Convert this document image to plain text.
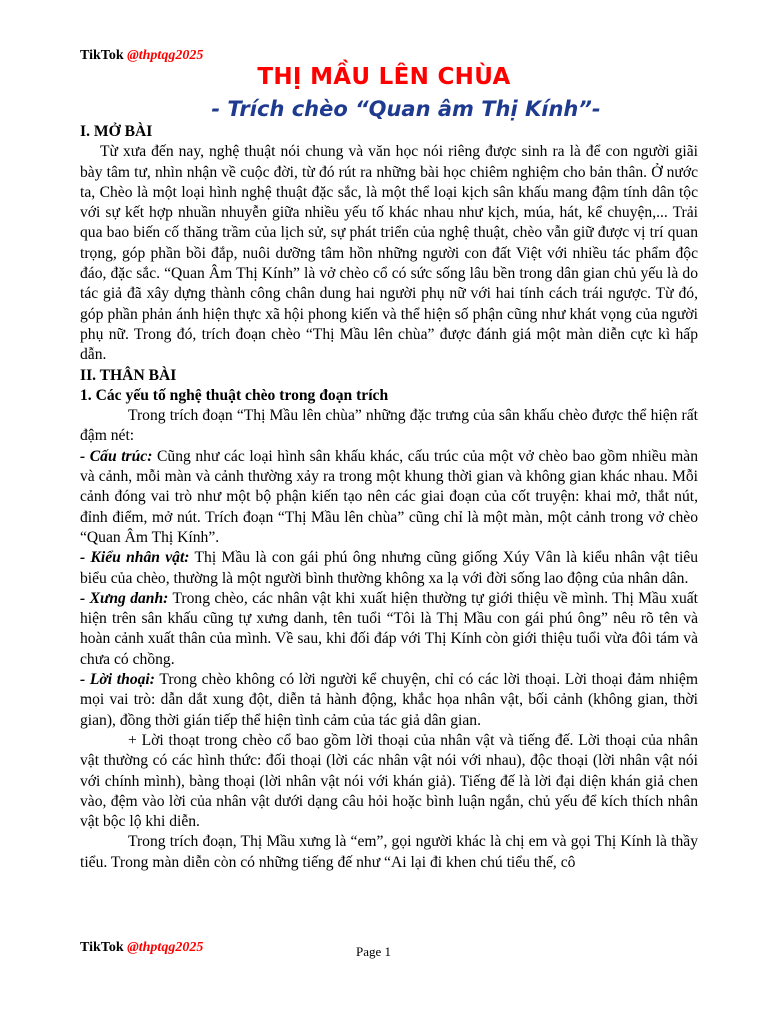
TikTok @thptqg2025
THỊ MẦU LÊN CHÙA
- Trích chèo “Quan âm Thị Kính”-

I. MỞ BÀI

Từ xưa đến nay, nghệ thuật nói chung và văn học nói riêng được sinh ra là để con người giãi bày tâm tư, nhìn nhận về cuộc đời, từ đó rút ra những bài học chiêm nghiệm cho bản thân. Ở nước ta, Chèo là một loại hình nghệ thuật đặc sắc, là một thể loại kịch sân khấu mang đậm tính dân tộc với sự kết hợp nhuần nhuyễn giữa nhiều yếu tố khác nhau như kịch, múa, hát, kể chuyện,... Trải qua bao biến cố thăng trầm của lịch sử, sự phát triển của nghệ thuật, chèo vẫn giữ được vị trí quan trọng, góp phần bồi đắp, nuôi dưỡng tâm hồn những người con đất Việt với nhiều tác phẩm độc đáo, đặc sắc. “Quan Âm Thị Kính” là vở chèo cổ có sức sống lâu bền trong dân gian chủ yếu là do tác giả đã xây dựng thành công chân dung hai người phụ nữ với hai tính cách trái ngược. Từ đó, góp phần phản ánh hiện thực xã hội phong kiến và thể hiện số phận cũng như khát vọng của người phụ nữ. Trong đó, trích đoạn chèo “Thị Mầu lên chùa” được đánh giá một màn diễn cực kì hấp dẫn.

II. THÂN BÀI

1. Các yếu tố nghệ thuật chèo trong đoạn trích

Trong trích đoạn “Thị Mầu lên chùa” những đặc trưng của sân khấu chèo được thể hiện rất đậm nét:

- Cấu trúc: Cũng như các loại hình sân khấu khác, cấu trúc của một vở chèo bao gồm nhiều màn và cảnh, mỗi màn và cảnh thường xảy ra trong một khung thời gian và không gian khác nhau. Mỗi cảnh đóng vai trò như một bộ phận kiến tạo nên các giai đoạn của cốt truyện: khai mở, thắt nút, đỉnh điểm, mở nút. Trích đoạn “Thị Mầu lên chùa” cũng chỉ là một màn, một cảnh trong vở chèo “Quan Âm Thị Kính”.

- Kiểu nhân vật: Thị Mầu là con gái phú ông nhưng cũng giống Xúy Vân là kiểu nhân vật tiêu biểu của chèo, thường là một người bình thường không xa lạ với đời sống lao động của nhân dân.

- Xưng danh: Trong chèo, các nhân vật khi xuất hiện thường tự giới thiệu về mình. Thị Mầu xuất hiện trên sân khấu cũng tự xưng danh, tên tuổi “Tôi là Thị Mầu con gái phú ông” nêu rõ tên và hoàn cảnh xuất thân của mình. Về sau, khi đối đáp với Thị Kính còn giới thiệu tuổi vừa đôi tám và chưa có chồng.

- Lời thoại: Trong chèo không có lời người kể chuyện, chỉ có các lời thoại. Lời thoại đảm nhiệm mọi vai trò: dẫn dắt xung đột, diễn tả hành động, khắc họa nhân vật, bối cảnh (không gian, thời gian), đồng thời gián tiếp thể hiện tình cảm của tác giả dân gian.

+ Lời thoạt trong chèo cổ bao gồm lời thoại của nhân vật và tiếng đế. Lời thoại của nhân vật thường có các hình thức: đối thoại (lời các nhân vật nói với nhau), độc thoại (lời nhân vật nói với chính mình), bàng thoại (lời nhân vật nói với khán giả). Tiếng đế là lời đại diện khán giả chen vào, đệm vào lời của nhân vật dưới dạng câu hỏi hoặc bình luận ngắn, chủ yếu để kích thích nhân vật bộc lộ khi diễn.

Trong trích đoạn, Thị Mầu xưng là “em”, gọi người khác là chị em và gọi Thị Kính là thầy tiểu. Trong màn diễn còn có những tiếng đế như “Ai lại đi khen chú tiểu thế, cô

TikTok @thptqg2025	Page 1
